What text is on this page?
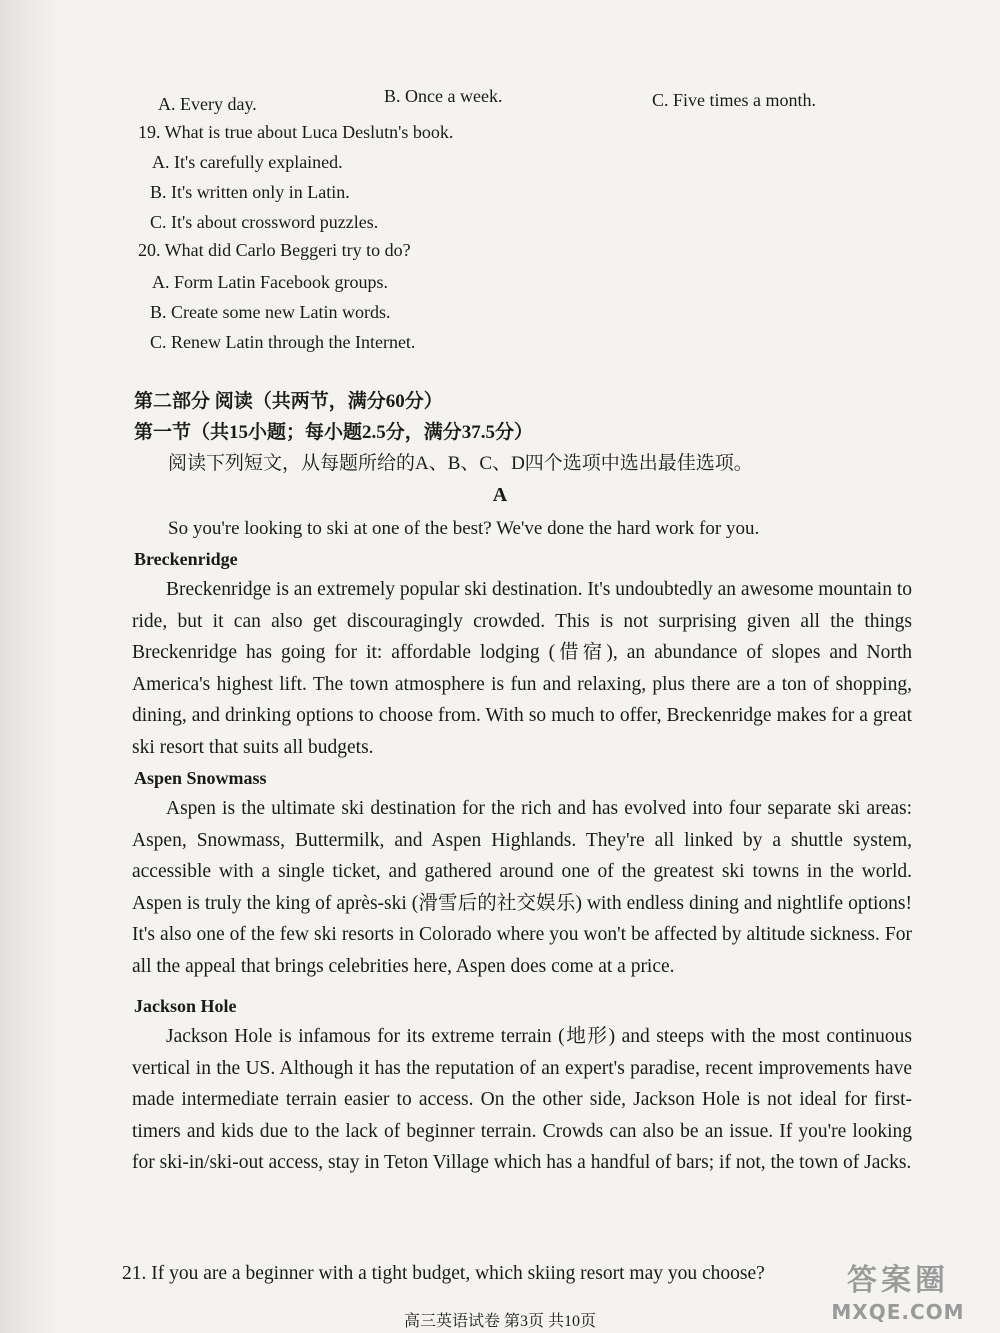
A. Every day.	B. Once a week.	C. Five times a month.
19. What is true about Luca Deslutn's book.
A. It's carefully explained.
B. It's written only in Latin.
C. It's about crossword puzzles.
20. What did Carlo Beggeri try to do?
A. Form Latin Facebook groups.
B. Create some new Latin words.
C. Renew Latin through the Internet.
第二部分 阅读（共两节，满分60分）
第一节（共15小题；每小题2.5分，满分37.5分）
阅读下列短文，从每题所给的A、B、C、D四个选项中选出最佳选项。
A
So you're looking to ski at one of the best? We've done the hard work for you.
Breckenridge
Breckenridge is an extremely popular ski destination. It's undoubtedly an awesome mountain to ride, but it can also get discouragingly crowded. This is not surprising given all the things Breckenridge has going for it: affordable lodging (借宿), an abundance of slopes and North America's highest lift. The town atmosphere is fun and relaxing, plus there are a ton of shopping, dining, and drinking options to choose from. With so much to offer, Breckenridge makes for a great ski resort that suits all budgets.
Aspen Snowmass
Aspen is the ultimate ski destination for the rich and has evolved into four separate ski areas: Aspen, Snowmass, Buttermilk, and Aspen Highlands. They're all linked by a shuttle system, accessible with a single ticket, and gathered around one of the greatest ski towns in the world. Aspen is truly the king of après-ski (滑雪后的社交娱乐) with endless dining and nightlife options! It's also one of the few ski resorts in Colorado where you won't be affected by altitude sickness. For all the appeal that brings celebrities here, Aspen does come at a price.
Jackson Hole
Jackson Hole is infamous for its extreme terrain (地形) and steeps with the most continuous vertical in the US. Although it has the reputation of an expert's paradise, recent improvements have made intermediate terrain easier to access. On the other side, Jackson Hole is not ideal for first-timers and kids due to the lack of beginner terrain. Crowds can also be an issue. If you're looking for ski-in/ski-out access, stay in Teton Village which has a handful of bars; if not, the town of Jacks.
21. If you are a beginner with a tight budget, which skiing resort may you choose?
高三英语试卷 第3页 共10页
答案圈
MXQE.COM
